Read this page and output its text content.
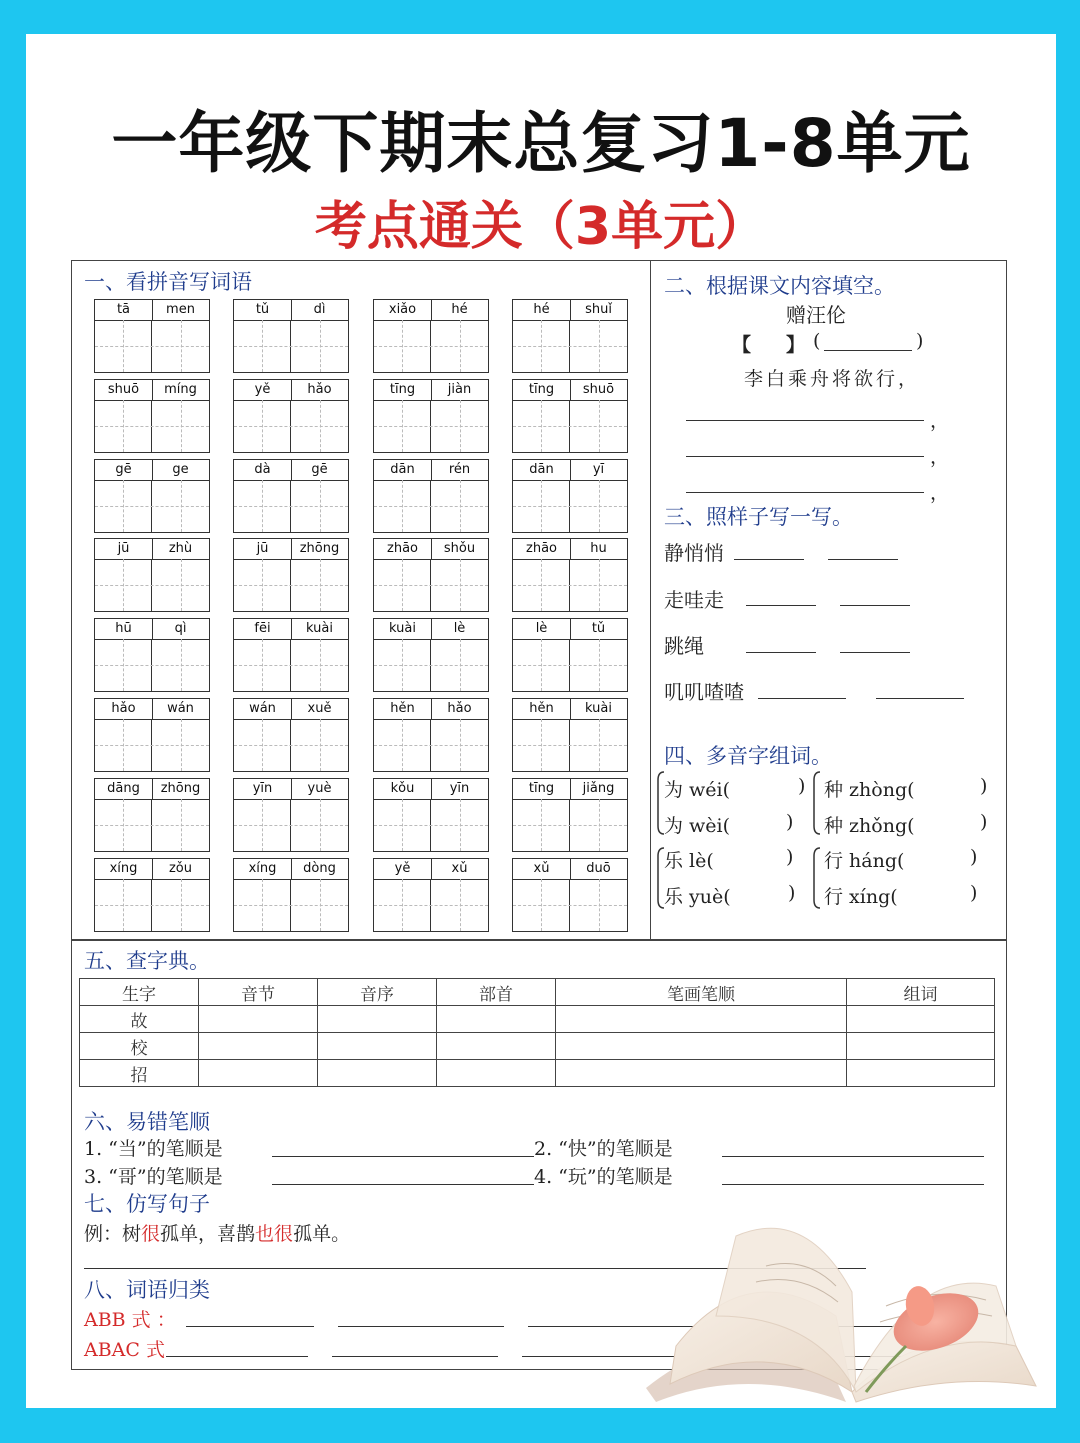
一年级下期末总复习1-8单元
考点通关（3单元）
一、看拼音写词语
tā	men	tǔ	dì	xiǎo	hé	hé	shuǐ
shuō	míng	yě	hǎo	tīng	jiàn	tīng	shuō
gē	ge	dà	gē	dān	rén	dān	yī
jū	zhù	jū	zhōng	zhāo	shǒu	zhāo	hu
hū	qì	fēi	kuài	kuài	lè	lè	tǔ
hǎo	wán	wán	xuě	hěn	hǎo	hěn	kuài
dāng	zhōng	yīn	yuè	kǒu	yīn	tīng	jiǎng
xíng	zǒu	xíng	dòng	yě	xǔ	xǔ	duō
二、根据课文内容填空。
赠汪伦
【 】 (	)
李白乘舟将欲行，
，
，
，
三、照样子写一写。
静悄悄
走哇走
跳绳
叽叽喳喳
四、多音字组词。
为 wéi(	)
为 wèi(	)
乐 lè(	)
乐 yuè(	)
种 zhòng(	)
种 zhǒng(	)
行 háng(	)
行 xíng(	)
五、查字典。
生字	音节	音序	部首	笔画笔顺	组词
故					
校					
招					
六、易错笔顺
1. “当”的笔顺是	2. “快”的笔顺是
3. “哥”的笔顺是	4. “玩”的笔顺是
七、仿写句子
例：树很孤单，喜鹊也很孤单。
八、词语归类
ABB 式 ：
ABAC 式
